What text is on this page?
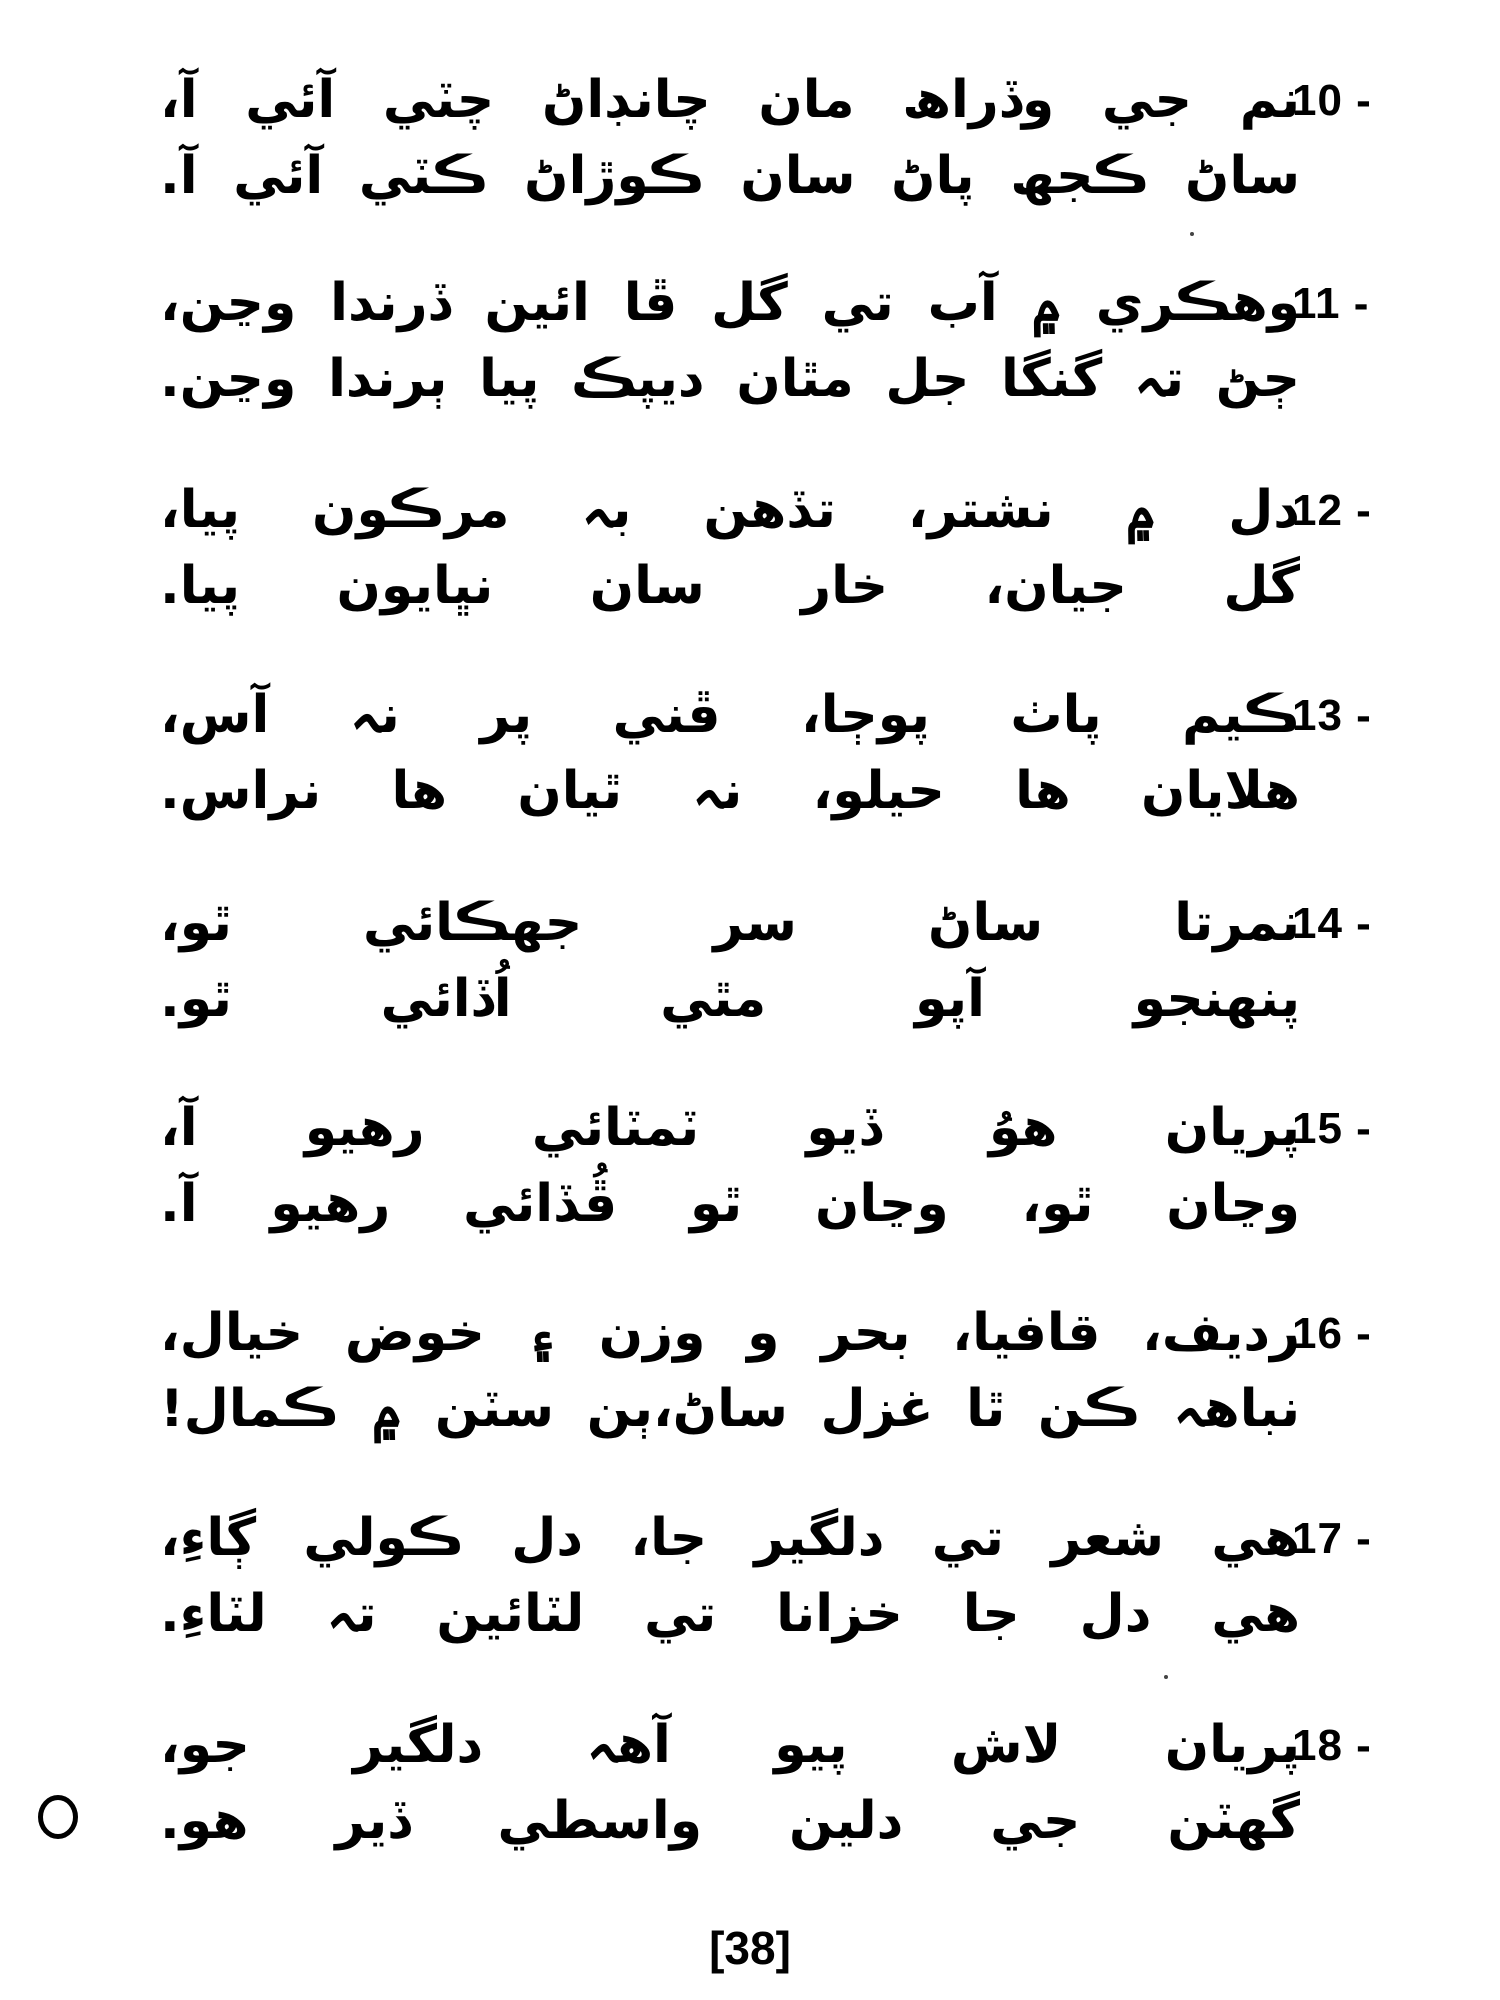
10 -
نم جي وڏراھ مان چانڊاڻ چٽي آئي آ،
ساڻ ڪجھ پاڻ سان ڪوڙاڻ ڪٽي آئي آ.
11 -
وھڪري ۾ آب تي گل ڦا ائين ڏرندا وڃن،
ڄڻ تہ گنگا جل مٿان ديپڪ پيا ٻرندا وڃن.
12 -
دل ۾ نشتر، تڏھن بہ مرڪون پيا،
گل جيان، خار سان نڀايون پيا.
13 -
ڪيم پاٺ پوڄا، ڦني پر نہ آس،
ھلايان ھا حيلو، نہ ٿيان ھا نراس.
14 -
نمرتا ساڻ سر جھڪائي ٿو،
پنھنجو آپو مٿي اُڏائي ٿو.
15 -
پريان ھوُ ڏيو ٽمٽائي رھيو آ،
وڃان ٿو، وڃان ٿو ڦُڏائي رھيو آ.
16 -
رديف، قافيا، بحر و وزن ۽ خوض خيال،
نباھہ ڪن ٿا غزل ساڻ،ٻن سٽن ۾ ڪمال!
17 -
ھي شعر تي دلگير جا، دل ڪولي ڳاءِ،
ھي دل جا خزانا تي لٽائين تہ لٽاءِ.
18 -
پريان لاش پيو آھہ دلگير جو،
گھٽن جي دلين واسطي ڏير ھو.
[38]
